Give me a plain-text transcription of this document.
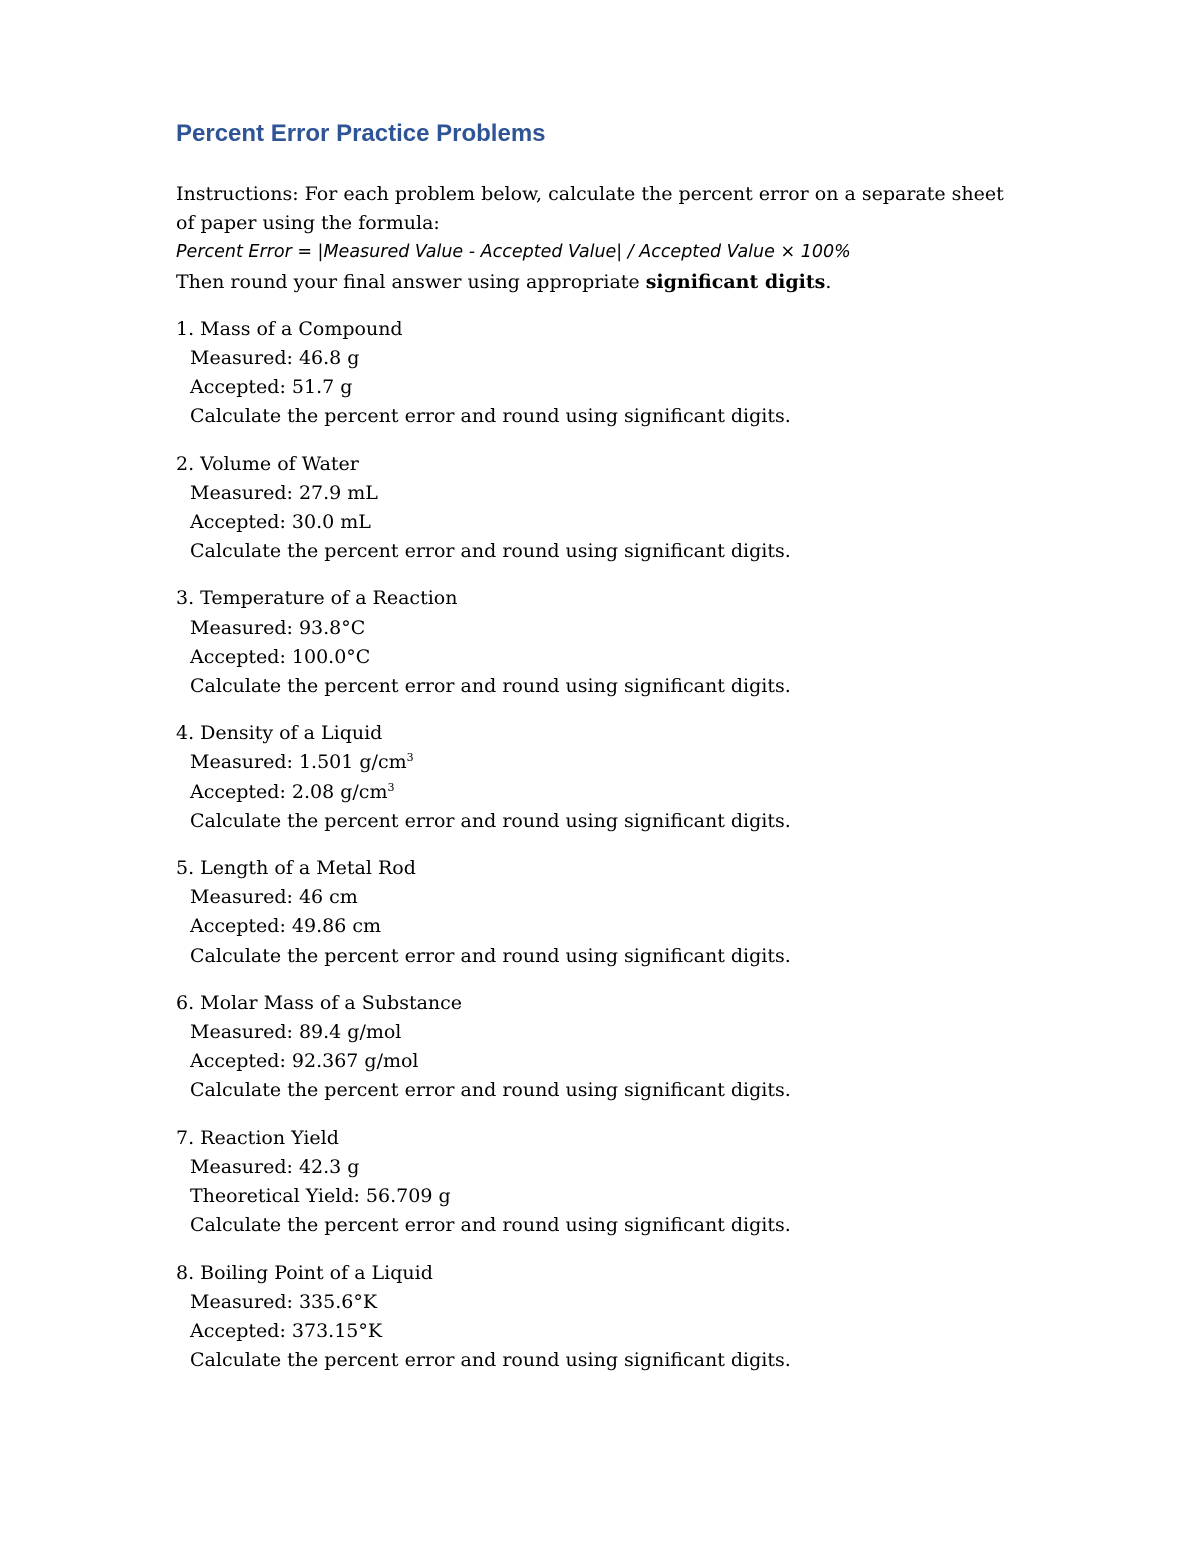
Percent Error Practice Problems

Instructions: For each problem below, calculate the percent error on a separate sheet of paper using the formula:

Percent Error = |Measured Value - Accepted Value| / Accepted Value × 100%

Then round your final answer using appropriate significant digits.

1. Mass of a Compound

Measured: 46.8 g

Accepted: 51.7 g

Calculate the percent error and round using significant digits.

2. Volume of Water

Measured: 27.9 mL

Accepted: 30.0 mL

Calculate the percent error and round using significant digits.

3. Temperature of a Reaction

Measured: 93.8°C

Accepted: 100.0°C

Calculate the percent error and round using significant digits.

4. Density of a Liquid

Measured: 1.501 $g/cm^3$

Accepted: 2.08 $g/cm^3$

Calculate the percent error and round using significant digits.

5. Length of a Metal Rod

Measured: 46 cm

Accepted: 49.86 cm

Calculate the percent error and round using significant digits.

6. Molar Mass of a Substance

Measured: 89.4 g/mol

Accepted: 92.367 g/mol

Calculate the percent error and round using significant digits.

7. Reaction Yield

Measured: 42.3 g

Theoretical Yield: 56.709 g

Calculate the percent error and round using significant digits.

8. Boiling Point of a Liquid

Measured: 335.6°K

Accepted: 373.15°K

Calculate the percent error and round using significant digits.
